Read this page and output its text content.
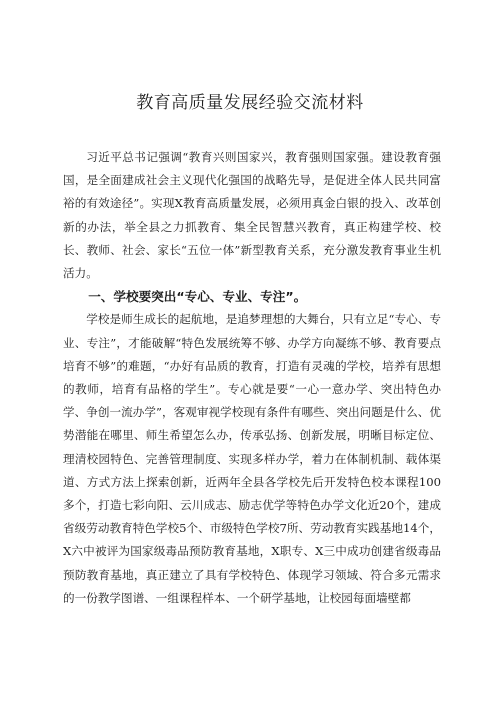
教育高质量发展经验交流材料

习近平总书记强调“教育兴则国家兴，教育强则国家强。建设教育强国，是全面建成社会主义现代化强国的战略先导，是促进全体人民共同富裕的有效途径”。实现X教育高质量发展，必须用真金白银的投入、改革创新的办法，举全县之力抓教育、集全民智慧兴教育，真正构建学校、校长、教师、社会、家长“五位一体”新型教育关系，充分激发教育事业生机活力。

一、学校要突出“专心、专业、专注”。

学校是师生成长的起航地，是追梦理想的大舞台，只有立足“专心、专业、专注”，才能破解“特色发展统筹不够、办学方向凝练不够、教育要点培育不够”的难题，“办好有品质的教育，打造有灵魂的学校，培养有思想的教师，培育有品格的学生”。专心就是要“一心一意办学、突出特色办学、争创一流办学”，客观审视学校现有条件有哪些、突出问题是什么、优势潜能在哪里、师生希望怎么办，传承弘扬、创新发展，明晰目标定位、理清校园特色、完善管理制度、实现多样办学，着力在体制机制、载体渠道、方式方法上探索创新，近两年全县各学校先后开发特色校本课程100多个，打造七彩向阳、云川成志、励志优学等特色办学文化近20个，建成省级劳动教育特色学校5个、市级特色学校7所、劳动教育实践基地14个，X六中被评为国家级毒品预防教育基地，X职专、X三中成功创建省级毒品预防教育基地，真正建立了具有学校特色、体现学习领域、符合多元需求的一份教学图谱、一组课程样本、一个研学基地，让校园每面墙壁都
